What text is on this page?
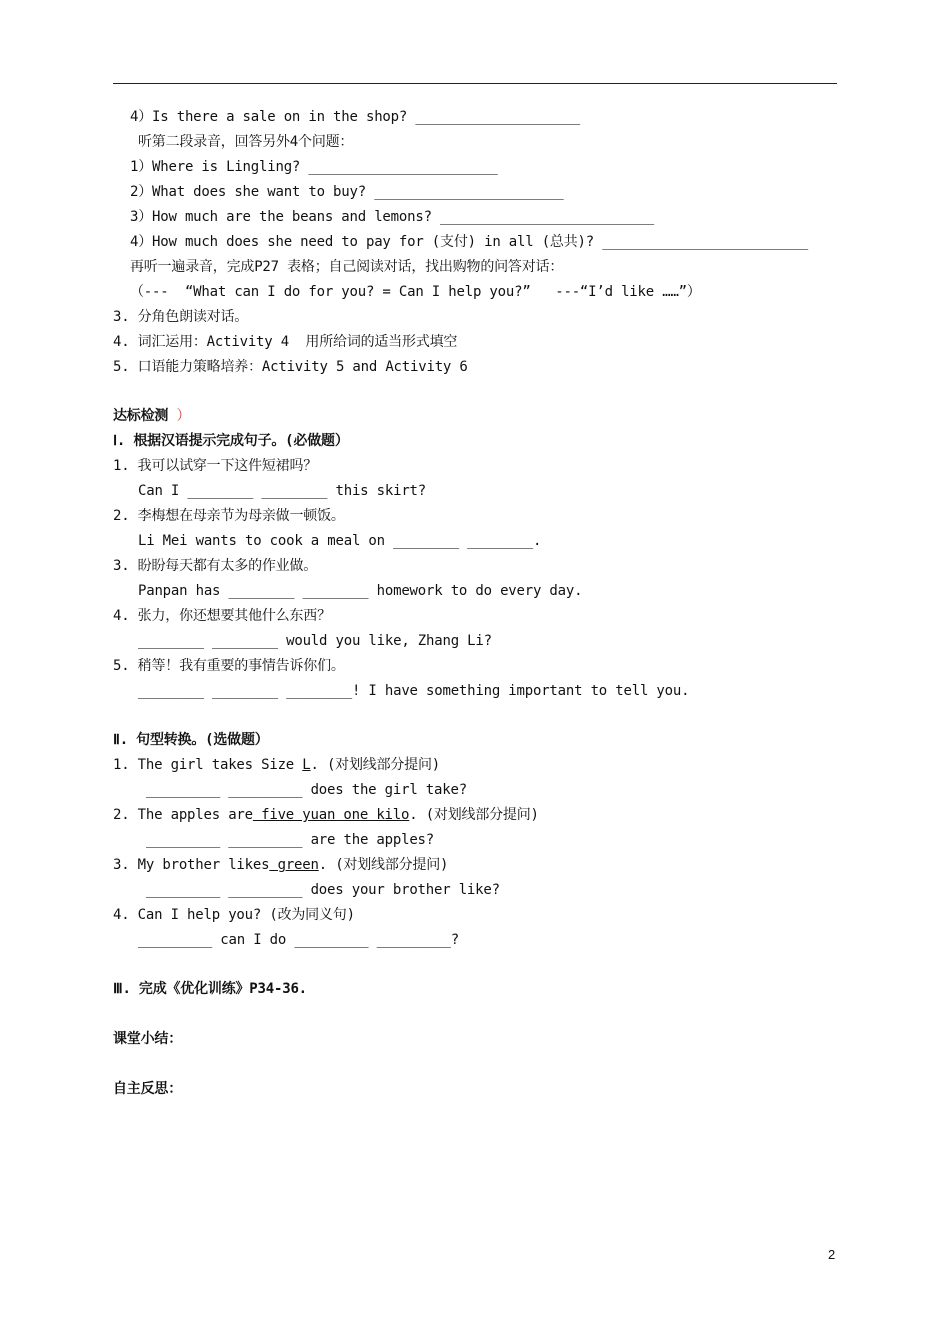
4）Is there a sale on in the shop? ____________________
听第二段录音，回答另外4个问题：
1）Where is Lingling? _______________________
2）What does she want to buy? _______________________
3）How much are the beans and lemons? __________________________
4）How much does she need to pay for (支付) in all (总共)? _________________________
再听一遍录音，完成P27 表格；自己阅读对话，找出购物的问答对话：
（---  “What can I do for you? = Can I help you?”   ---“I’d like ……”）
3. 分角色朗读对话。
4. 词汇运用：Activity 4  用所给词的适当形式填空
5. 口语能力策略培养：Activity 5 and Activity 6
达标检测 ）
Ⅰ. 根据汉语提示完成句子。(必做题）
1. 我可以试穿一下这件短裙吗？
Can I ________ ________ this skirt?
2. 李梅想在母亲节为母亲做一顿饭。
Li Mei wants to cook a meal on ________ ________.
3. 盼盼每天都有太多的作业做。
Panpan has ________ ________ homework to do every day.
4. 张力，你还想要其他什么东西？
________ ________ would you like, Zhang Li?
5. 稍等！我有重要的事情告诉你们。
________ ________ ________! I have something important to tell you.
Ⅱ. 句型转换。(选做题）
1. The girl takes Size L. (对划线部分提问)
_________ _________ does the girl take?
2. The apples are five yuan one kilo. (对划线部分提问)
_________ _________ are the apples?
3. My brother likes green. (对划线部分提问)
_________ _________ does your brother like?
4. Can I help you? (改为同义句)
_________ can I do _________ _________?
Ⅲ. 完成《优化训练》P34-36.
课堂小结：
自主反思：
2
